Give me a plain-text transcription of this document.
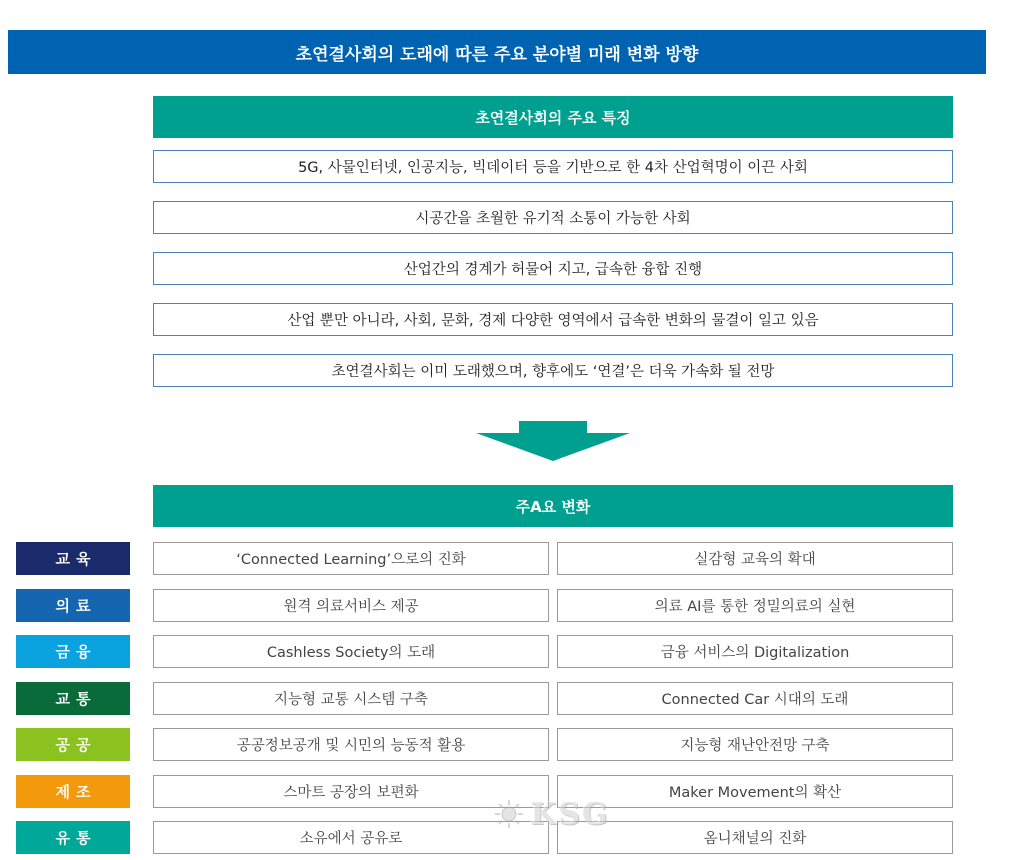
초연결사회의 도래에 따른 주요 분야별 미래 변화 방향
초연결사회의 주요 특징
5G, 사물인터넷, 인공지능, 빅데이터 등을 기반으로 한 4차 산업혁명이 이끈 사회
시공간을 초월한 유기적 소통이 가능한 사회
산업간의 경계가 허물어 지고, 급속한 융합 진행
산업 뿐만 아니라, 사회, 문화, 경제 다양한 영역에서 급속한 변화의 물결이 일고 있음
초연결사회는 이미 도래했으며, 향후에도 ‘연결’은 더욱 가속화 될 전망
주A요 변화
교육	‘Connected Learning’으로의 진화	실감형 교육의 확대
의료	원격 의료서비스 제공	의료 AI를 통한 정밀의료의 실현
금융	Cashless Society의 도래	금융 서비스의 Digitalization
교통	지능형 교통 시스템 구축	Connected Car 시대의 도래
공공	공공정보공개 및 시민의 능동적 활용	지능형 재난안전망 구축
제조	스마트 공장의 보편화	Maker Movement의 확산
유통	소유에서 공유로	옴니채널의 진화
KSG
